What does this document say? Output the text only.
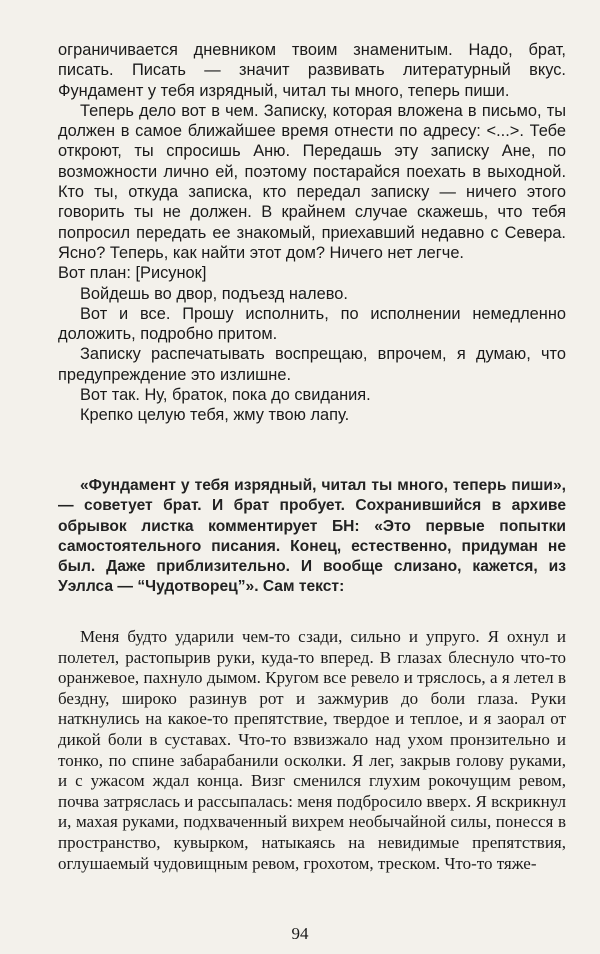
ограничивается дневником твоим знаменитым. Надо, брат, писать. Писать — значит развивать литературный вкус. Фундамент у тебя изрядный, читал ты много, теперь пиши.

Теперь дело вот в чем. Записку, которая вложена в письмо, ты должен в самое ближайшее время отнести по адресу: <...>. Тебе откроют, ты спросишь Аню. Передашь эту записку Ане, по возможности лично ей, поэтому постарайся поехать в выходной. Кто ты, откуда записка, кто передал записку — ничего этого говорить ты не должен. В крайнем случае скажешь, что тебя попросил передать ее знакомый, приехавший недавно с Севера. Ясно? Теперь, как найти этот дом? Ничего нет легче.

Вот план: [Рисунок]

Войдешь во двор, подъезд налево.

Вот и все. Прошу исполнить, по исполнении немедленно доложить, подробно притом.

Записку распечатывать воспрещаю, впрочем, я думаю, что предупреждение это излишне.

Вот так. Ну, браток, пока до свидания.

Крепко целую тебя, жму твою лапу.

«Фундамент у тебя изрядный, читал ты много, теперь пиши», — советует брат. И брат пробует. Сохранившийся в архиве обрывок листка комментирует БН: «Это первые попытки самостоятельного писания. Конец, естественно, придуман не был. Даже приблизительно. И вообще слизано, кажется, из Уэллса — “Чудотворец”». Сам текст:

Меня будто ударили чем-то сзади, сильно и упруго. Я охнул и полетел, растопырив руки, куда-то вперед. В глазах блеснуло что-то оранжевое, пахнуло дымом. Кругом все ревело и тряслось, а я летел в бездну, широко разинув рот и зажмурив до боли глаза. Руки наткнулись на какое-то препятствие, твердое и теплое, и я заорал от дикой боли в суставах. Что-то взвизжало над ухом пронзительно и тонко, по спине забарабанили осколки. Я лег, закрыв голову руками, и с ужасом ждал конца. Визг сменился глухим рокочущим ревом, почва затряслась и рассыпалась: меня подбросило вверх. Я вскрикнул и, махая руками, подхваченный вихрем необычайной силы, понесся в пространство, кувырком, натыкаясь на невидимые препятствия, оглушаемый чудовищным ревом, грохотом, треском. Что-то тяже-

94
